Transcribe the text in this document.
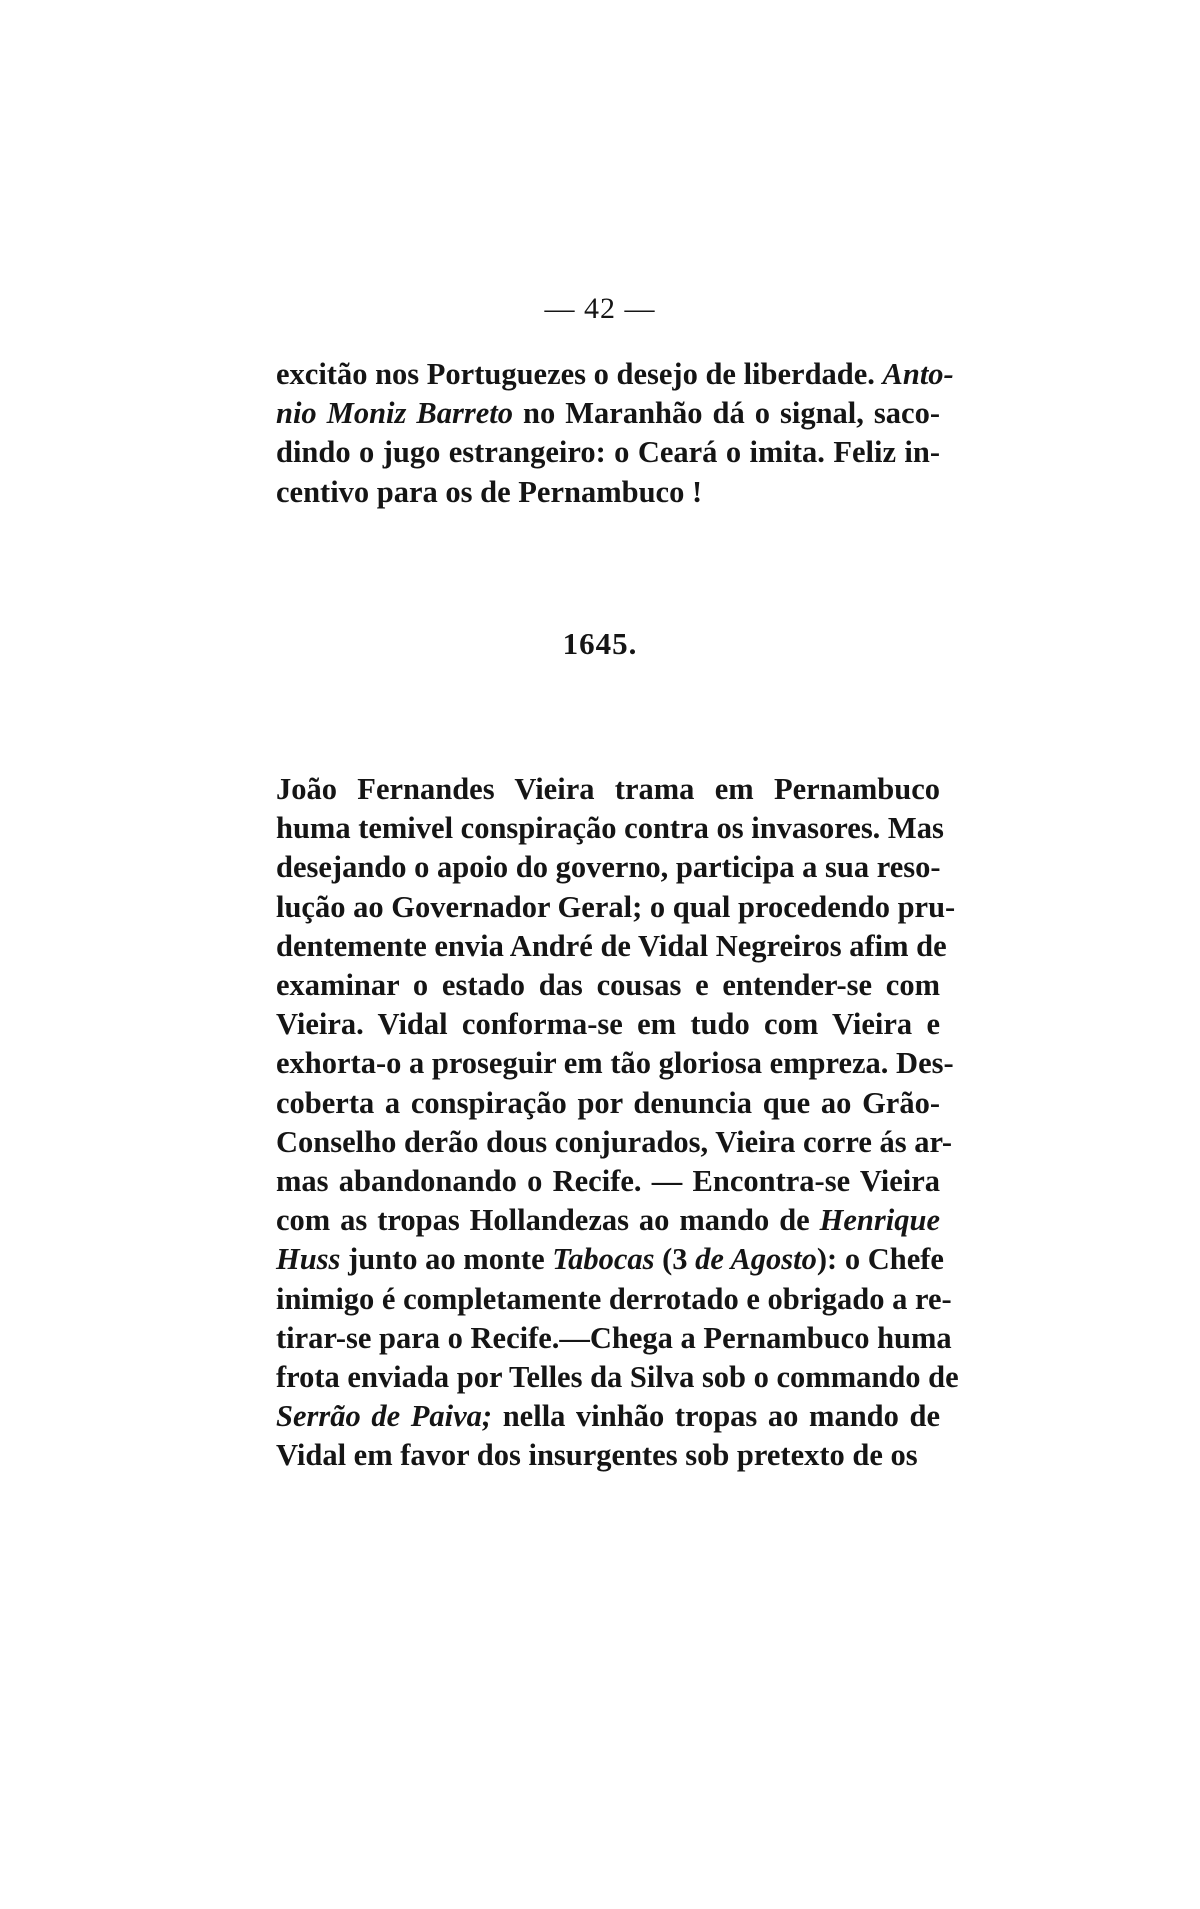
— 42 —
excitão nos Portuguezes o desejo de liberdade. Anto-
nio Moniz Barreto no Maranhão dá o signal, saco-
dindo o jugo estrangeiro: o Ceará o imita. Feliz in-
centivo para os de Pernambuco !
1645.
João Fernandes Vieira trama em Pernambuco
huma temivel conspiração contra os invasores. Mas
desejando o apoio do governo, participa a sua reso-
lução ao Governador Geral; o qual procedendo pru-
dentemente envia André de Vidal Negreiros afim de
examinar o estado das cousas e entender-se com
Vieira. Vidal conforma-se em tudo com Vieira e
exhorta-o a proseguir em tão gloriosa empreza. Des-
coberta a conspiração por denuncia que ao Grão-
Conselho derão dous conjurados, Vieira corre ás ar-
mas abandonando o Recife. — Encontra-se Vieira
com as tropas Hollandezas ao mando de Henrique
Huss junto ao monte Tabocas (3 de Agosto): o Chefe
inimigo é completamente derrotado e obrigado a re-
tirar-se para o Recife.—Chega a Pernambuco huma
frota enviada por Telles da Silva sob o commando de
Serrão de Paiva; nella vinhão tropas ao mando de
Vidal em favor dos insurgentes sob pretexto de os
